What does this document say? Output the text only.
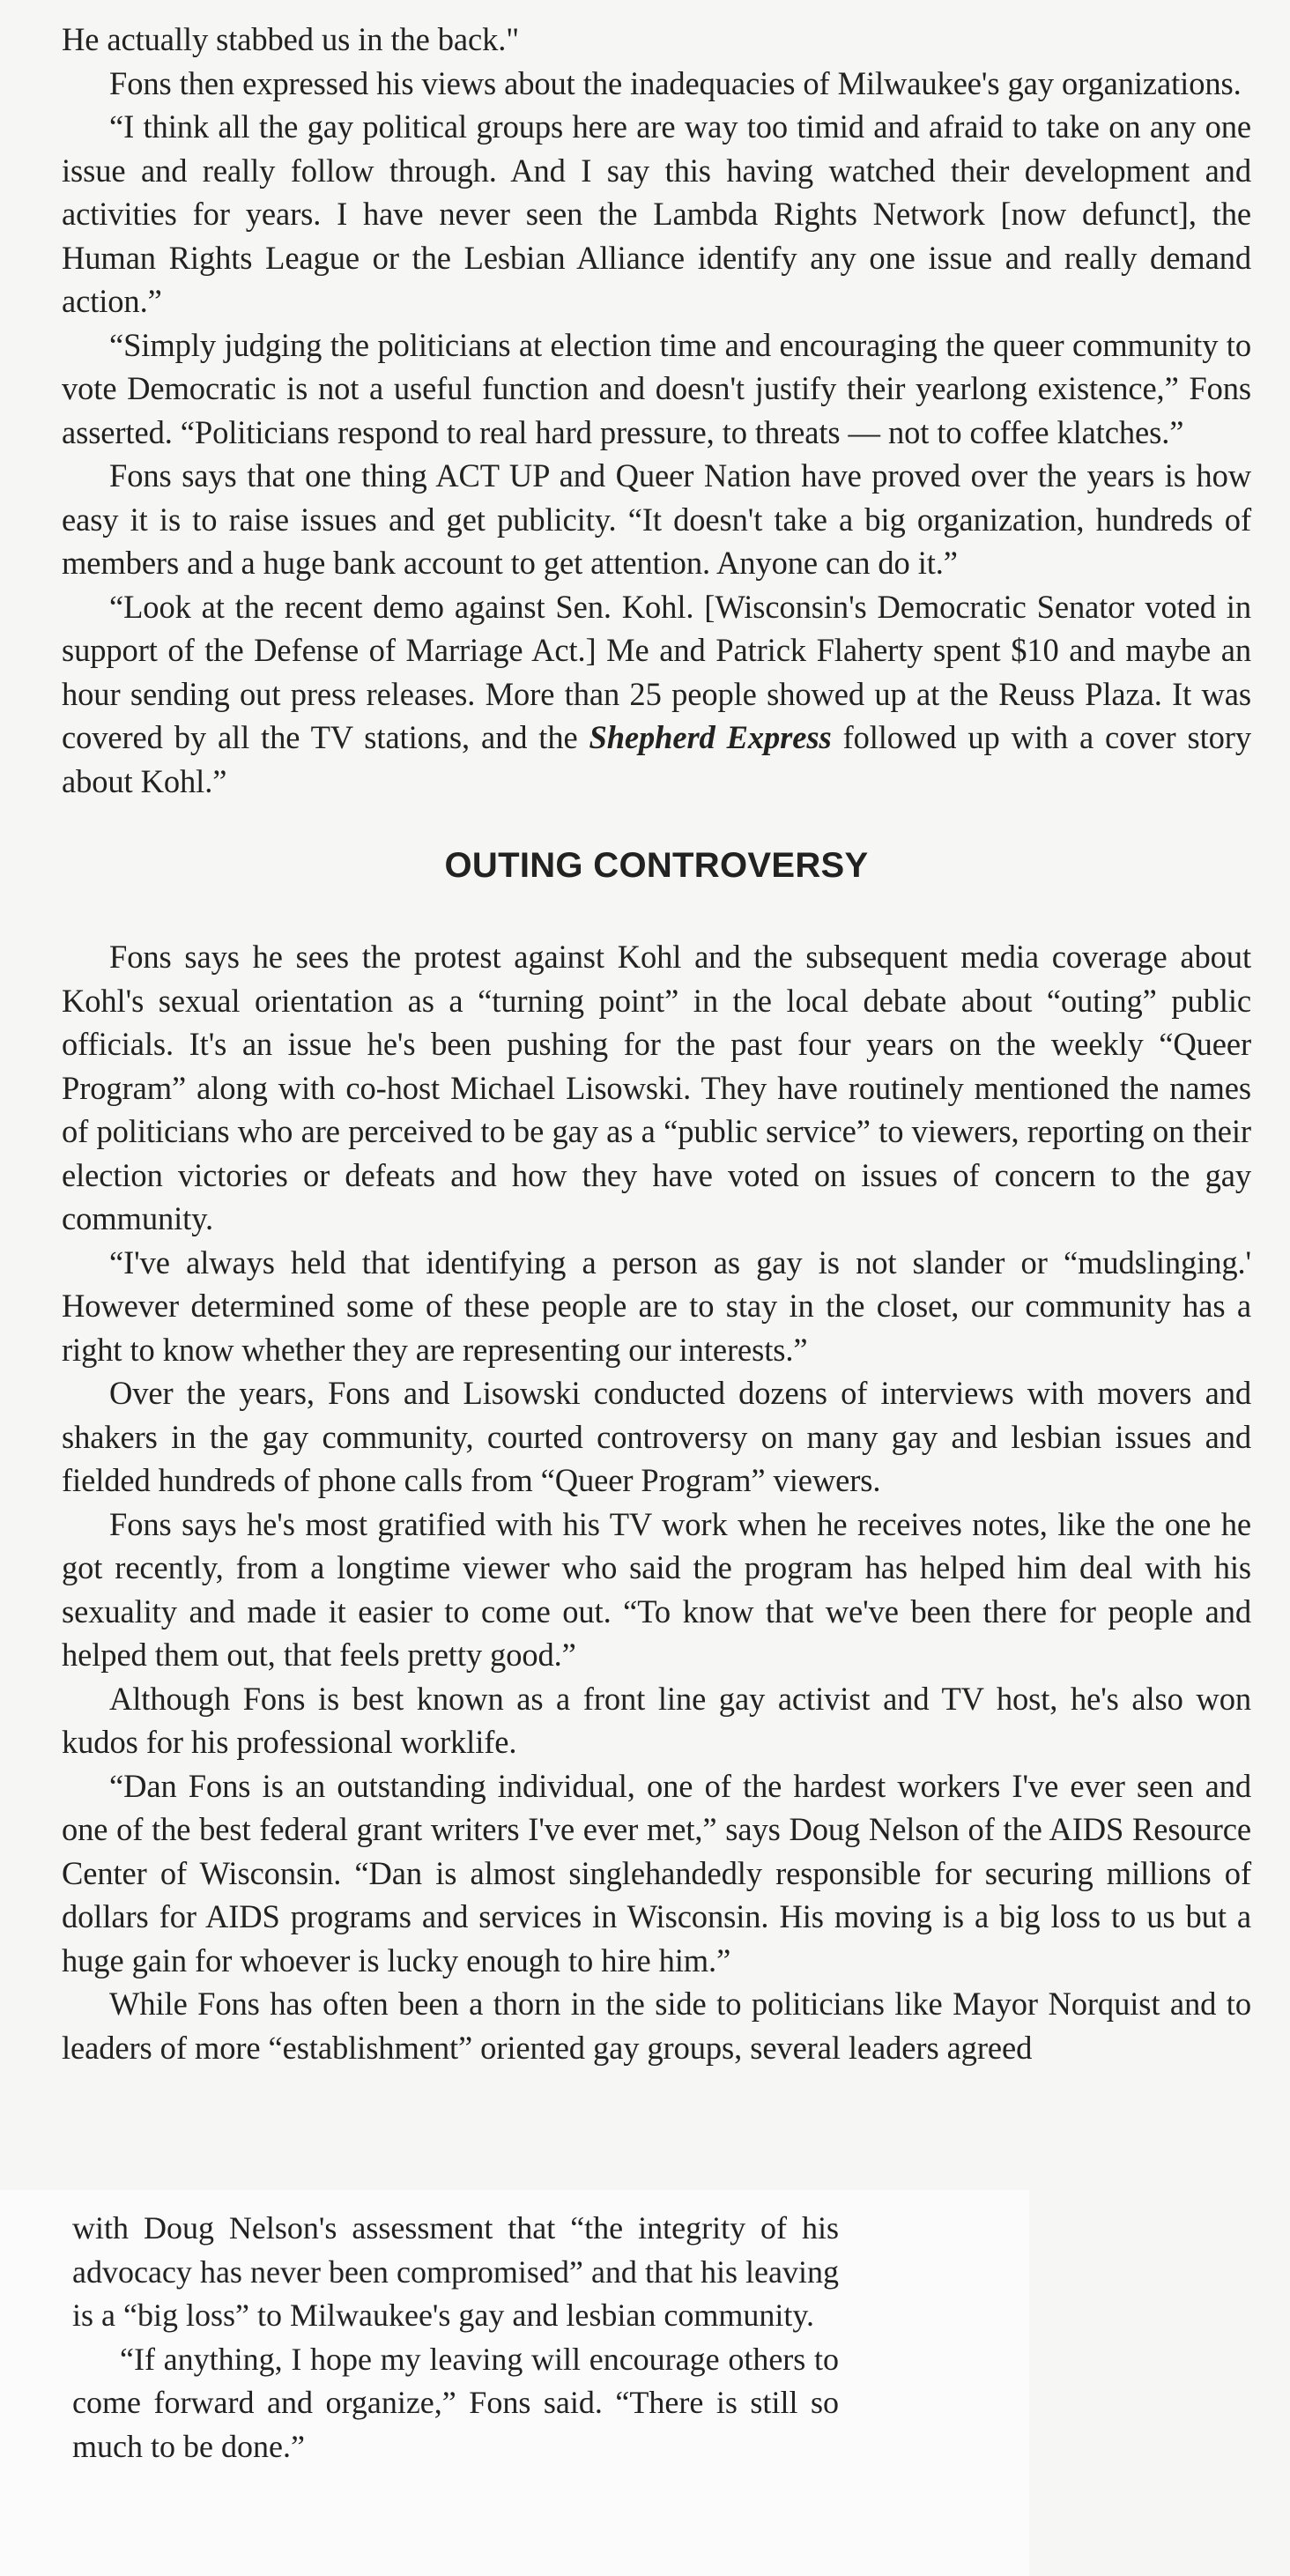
He actually stabbed us in the back."

Fons then expressed his views about the inadequacies of Milwaukee's gay organizations.

“I think all the gay political groups here are way too timid and afraid to take on any one issue and really follow through. And I say this having watched their development and activities for years. I have never seen the Lambda Rights Network [now defunct], the Human Rights League or the Lesbian Alliance identify any one issue and really demand action.”

“Simply judging the politicians at election time and encouraging the queer community to vote Democratic is not a useful function and doesn't justify their yearlong existence,” Fons asserted. “Politicians respond to real hard pressure, to threats — not to coffee klatches.”

Fons says that one thing ACT UP and Queer Nation have proved over the years is how easy it is to raise issues and get publicity. “It doesn't take a big organization, hundreds of members and a huge bank account to get attention. Anyone can do it.”

“Look at the recent demo against Sen. Kohl. [Wisconsin's Democratic Senator voted in support of the Defense of Marriage Act.] Me and Patrick Flaherty spent $10 and maybe an hour sending out press releases. More than 25 people showed up at the Reuss Plaza. It was covered by all the TV stations, and the Shepherd Express followed up with a cover story about Kohl.”

OUTING CONTROVERSY

Fons says he sees the protest against Kohl and the subsequent media coverage about Kohl's sexual orientation as a “turning point” in the local debate about “outing” public officials. It's an issue he's been pushing for the past four years on the weekly “Queer Program” along with co-host Michael Lisowski. They have routinely mentioned the names of politicians who are perceived to be gay as a “public service” to viewers, reporting on their election victories or defeats and how they have voted on issues of concern to the gay community.

“I've always held that identifying a person as gay is not slander or “mudslinging.' However determined some of these people are to stay in the closet, our community has a right to know whether they are representing our interests.”

Over the years, Fons and Lisowski conducted dozens of interviews with movers and shakers in the gay community, courted controversy on many gay and lesbian issues and fielded hundreds of phone calls from “Queer Program” viewers.

Fons says he's most gratified with his TV work when he receives notes, like the one he got recently, from a longtime viewer who said the program has helped him deal with his sexuality and made it easier to come out. “To know that we've been there for people and helped them out, that feels pretty good.”

Although Fons is best known as a front line gay activist and TV host, he's also won kudos for his professional worklife.

“Dan Fons is an outstanding individual, one of the hardest workers I've ever seen and one of the best federal grant writers I've ever met,” says Doug Nelson of the AIDS Resource Center of Wisconsin. “Dan is almost singlehandedly responsible for securing millions of dollars for AIDS programs and services in Wisconsin. His moving is a big loss to us but a huge gain for whoever is lucky enough to hire him.”

While Fons has often been a thorn in the side to politicians like Mayor Norquist and to leaders of more “establishment” oriented gay groups, several leaders agreed

with Doug Nelson's assessment that “the integrity of his advocacy has never been compromised” and that his leaving is a “big loss” to Milwaukee's gay and lesbian community.

“If anything, I hope my leaving will encourage others to come forward and organize,” Fons said. “There is still so much to be done.”
